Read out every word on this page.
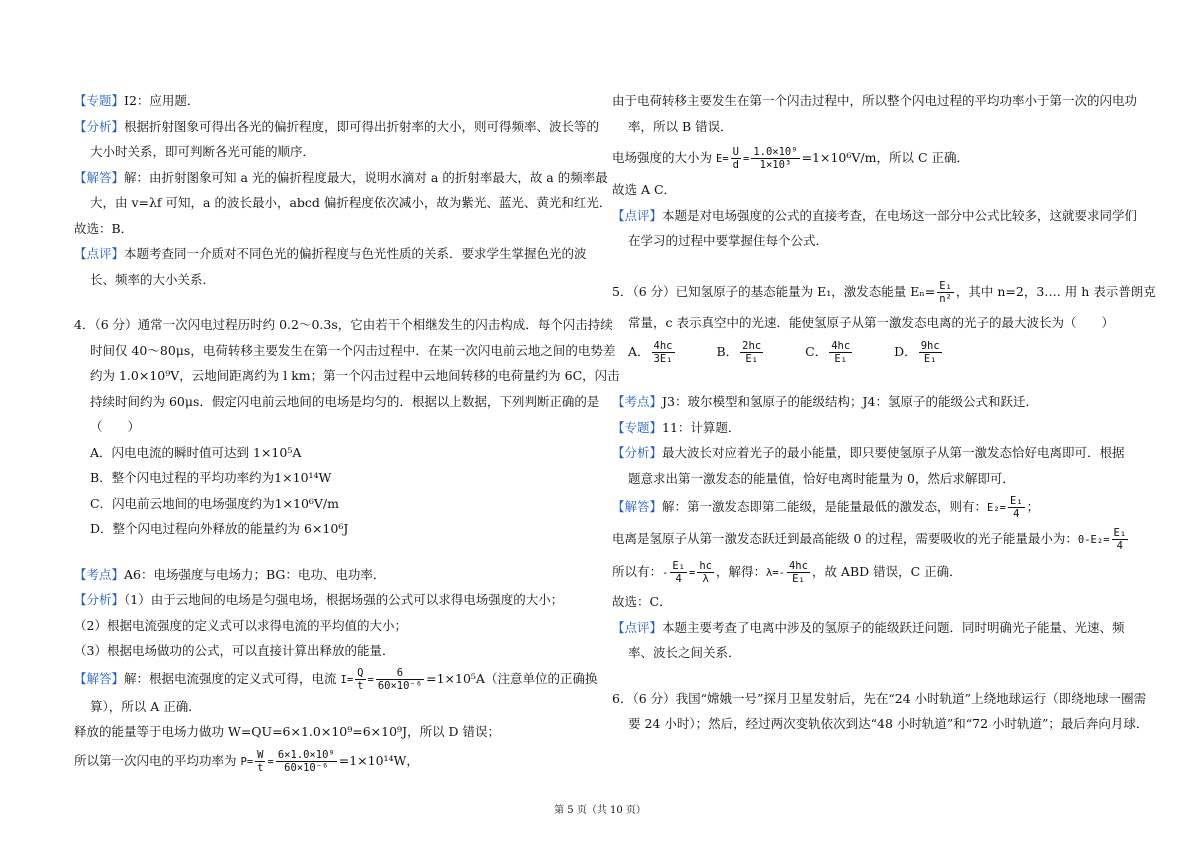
【专题】I2：应用题．
【分析】根据折射图象可得出各光的偏折程度，即可得出折射率的大小，则可得频率、波长等的
大小时关系，即可判断各光可能的顺序．
【解答】解：由折射图象可知 a 光的偏折程度最大，说明水滴对 a 的折射率最大，故 a 的频率最
大，由 v=λf 可知，a 的波长最小，abcd 偏折程度依次减小，故为紫光、蓝光、黄光和红光．
故选：B．
【点评】本题考查同一介质对不同色光的偏折程度与色光性质的关系．要求学生掌握色光的波
长、频率的大小关系．
4．（6 分）通常一次闪电过程历时约 0.2～0.3s，它由若干个相继发生的闪击构成．每个闪击持续
时间仅 40～80μs，电荷转移主要发生在第一个闪击过程中．在某一次闪电前云地之间的电势差
约为 1.0×10⁹V，云地间距离约为 l km；第一个闪击过程中云地间转移的电荷量约为 6C，闪击
持续时间约为 60μs．假定闪电前云地间的电场是均匀的．根据以上数据，下列判断正确的是
（　　）
A．闪电电流的瞬时值可达到 1×10⁵A
B．整个闪电过程的平均功率约为1×10¹⁴W
C．闪电前云地间的电场强度约为1×10⁶V/m
D．整个闪电过程向外释放的能量约为 6×10⁶J
【考点】A6：电场强度与电场力；BG：电功、电功率．
【分析】（1）由于云地间的电场是匀强电场，根据场强的公式可以求得电场强度的大小；
（2）根据电流强度的定义式可以求得电流的平均值的大小；
（3）根据电场做功的公式，可以直接计算出释放的能量．
【解答】解：根据电流强度的定义式可得，电流 $I= \frac{Q}{t} = \frac{6}{\text{60×10⁻⁶}} =1\times 10^5A$（注意单位的正确换
算），所以 A 正确．
释放的能量等于电场力做功 W=QU=6×1.0×10⁹=6×10⁹J，所以 D 错误；
所以第一次闪电的平均功率为 $P= \frac{W}{t} = \frac{\text{6×1.0×10⁹}}{\text{60×10⁻⁶}} =1\times 10^{14}W$，
由于电荷转移主要发生在第一个闪击过程中，所以整个闪电过程的平均功率小于第一次的闪电功
率，所以 B 错误．
电场强度的大小为 $E= \frac{U}{d} = \frac{\text{1.0×10⁹}}{\text{1×10³}} =1\times 10^6V/m$，所以 C 正确．
故选 A C．
【点评】本题是对电场强度的公式的直接考查，在电场这一部分中公式比较多，这就要求同学们
在学习的过程中要掌握住每个公式．
5．（6 分）已知氢原子的基态能量为 E₁，激发态能量 $E_n= \frac{\text{E₁}}{\text{n²}}$ ，其中 n=2，3…. 用 h 表示普朗克
常量，c 表示真空中的光速．能使氢原子从第一激发态电离的光子的最大波长为（　　）
A． $\frac{4hc}{\text{3E₁}}$	B． $\frac{2hc}{\text{E₁}}$	C． $\frac{4hc}{\text{E₁}}$	D． $\frac{9hc}{\text{E₁}}$
【考点】J3：玻尔模型和氢原子的能级结构；J4：氢原子的能级公式和跃迁．
【专题】11：计算题．
【分析】最大波长对应着光子的最小能量，即只要使氢原子从第一激发态恰好电离即可．根据
题意求出第一激发态的能量值，恰好电离时能量为 0，然后求解即可．
【解答】解：第一激发态即第二能级，是能量最低的激发态，则有：$E_2= \frac{\text{E₁}}{4}$ ；
电离是氢原子从第一激发态跃迁到最高能级 0 的过程，需要吸收的光子能量最小为：$0-E_2= \frac{\text{E₁}}{4}$
所以有：- $\frac{\text{E₁}}{4} = \frac{hc}{\lambda}$ ，解得：$\lambda=- \frac{4hc}{\text{E₁}}$ ，故 ABD 错误，C 正确．
故选：C．
【点评】本题主要考查了电离中涉及的氢原子的能级跃迁问题．同时明确光子能量、光速、频
率、波长之间关系．
6．（6 分）我国“嫦娥一号”探月卫星发射后，先在“24 小时轨道”上绕地球运行（即绕地球一圈需
要 24 小时）；然后，经过两次变轨依次到达“48 小时轨道”和“72 小时轨道”；最后奔向月球．
第 5 页（共 10 页）
